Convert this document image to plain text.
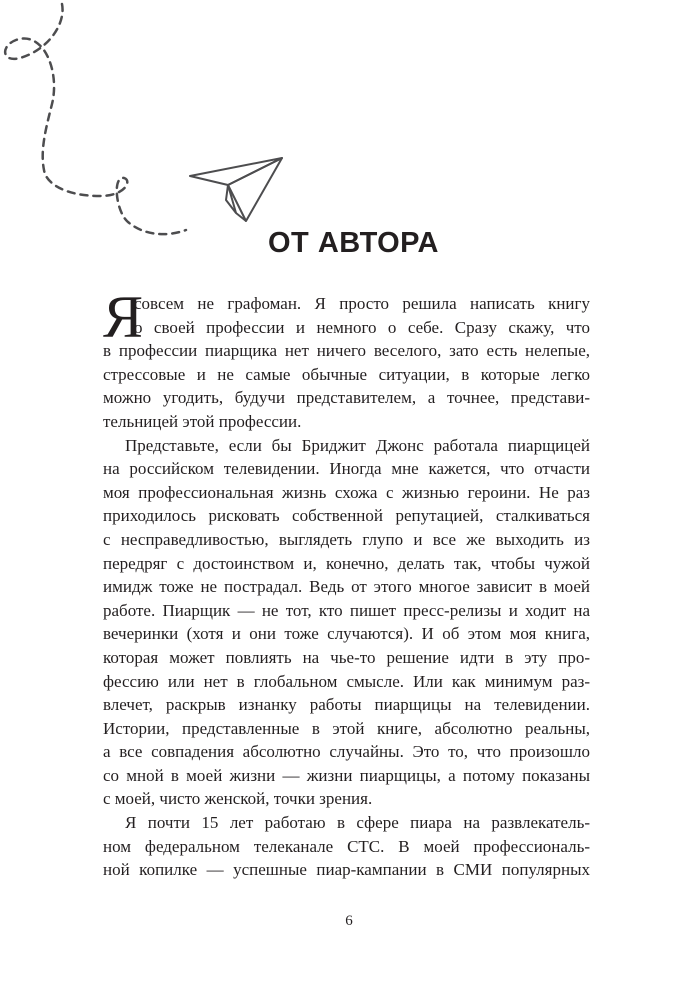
ОТ АВТОРА
Я
совсем не графоман. Я просто решила написать книгу
о своей профессии и немного о себе. Сразу скажу, что
в профессии пиарщика нет ничего веселого, зато есть нелепые,
стрессовые и не самые обычные ситуации, в которые легко
можно угодить, будучи представителем, а точнее, представи-
тельницей этой профессии.
Представьте, если бы Бриджит Джонс работала пиарщицей
на российском телевидении. Иногда мне кажется, что отчасти
моя профессиональная жизнь схожа с жизнью героини. Не раз
приходилось рисковать собственной репутацией, сталкиваться
с несправедливостью, выглядеть глупо и все же выходить из
передряг с достоинством и, конечно, делать так, чтобы чужой
имидж тоже не пострадал. Ведь от этого многое зависит в моей
работе. Пиарщик — не тот, кто пишет пресс-релизы и ходит на
вечеринки (хотя и они тоже случаются). И об этом моя книга,
которая может повлиять на чье-то решение идти в эту про-
фессию или нет в глобальном смысле. Или как минимум раз-
влечет, раскрыв изнанку работы пиарщицы на телевидении.
Истории, представленные в этой книге, абсолютно реальны,
а все совпадения абсолютно случайны. Это то, что произошло
со мной в моей жизни — жизни пиарщицы, а потому показаны
с моей, чисто женской, точки зрения.
Я почти 15 лет работаю в сфере пиара на развлекатель-
ном федеральном телеканале СТС. В моей профессиональ-
ной копилке — успешные пиар-кампании в СМИ популярных
6
